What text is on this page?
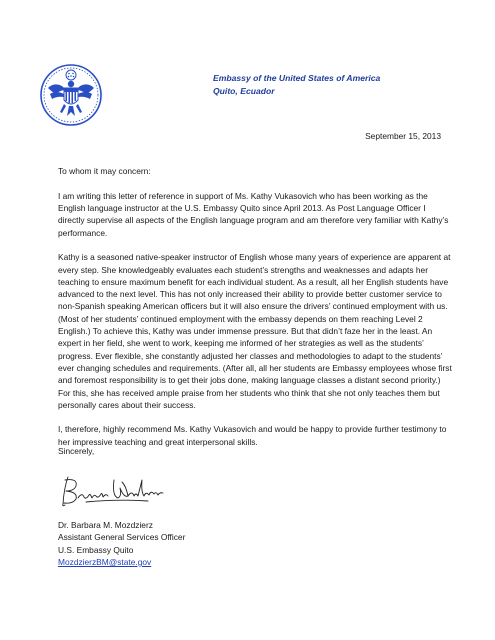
Embassy of the United States of America
Quito, Ecuador
September 15, 2013

To whom it may concern:

I am writing this letter of reference in support of Ms. Kathy Vukasovich who has been working as the English language instructor at the U.S. Embassy Quito since April 2013. As Post Language Officer I directly supervise all aspects of the English language program and am therefore very familiar with Kathy’s performance.

Kathy is a seasoned native-speaker instructor of English whose many years of experience are apparent at every step. She knowledgeably evaluates each student’s strengths and weaknesses and adapts her teaching to ensure maximum benefit for each individual student. As a result, all her English students have advanced to the next level. This has not only increased their ability to provide better customer service to non-Spanish speaking American officers but it will also ensure the drivers’ continued employment with us. (Most of her students’ continued employment with the embassy depends on them reaching Level 2 English.) To achieve this, Kathy was under immense pressure. But that didn’t faze her in the least. An expert in her field, she went to work, keeping me informed of her strategies as well as the students’ progress. Ever flexible, she constantly adjusted her classes and methodologies to adapt to the students’ ever changing schedules and requirements. (After all, all her students are Embassy employees whose first and foremost responsibility is to get their jobs done, making language classes a distant second priority.) For this, she has received ample praise from her students who think that she not only teaches them but personally cares about their success.

I, therefore, highly recommend Ms. Kathy Vukasovich and would be happy to provide further testimony to her impressive teaching and great interpersonal skills.

Sincerely,
Dr. Barbara M. Mozdzierz
Assistant General Services Officer
U.S. Embassy Quito
MozdzierzBM@state.gov
